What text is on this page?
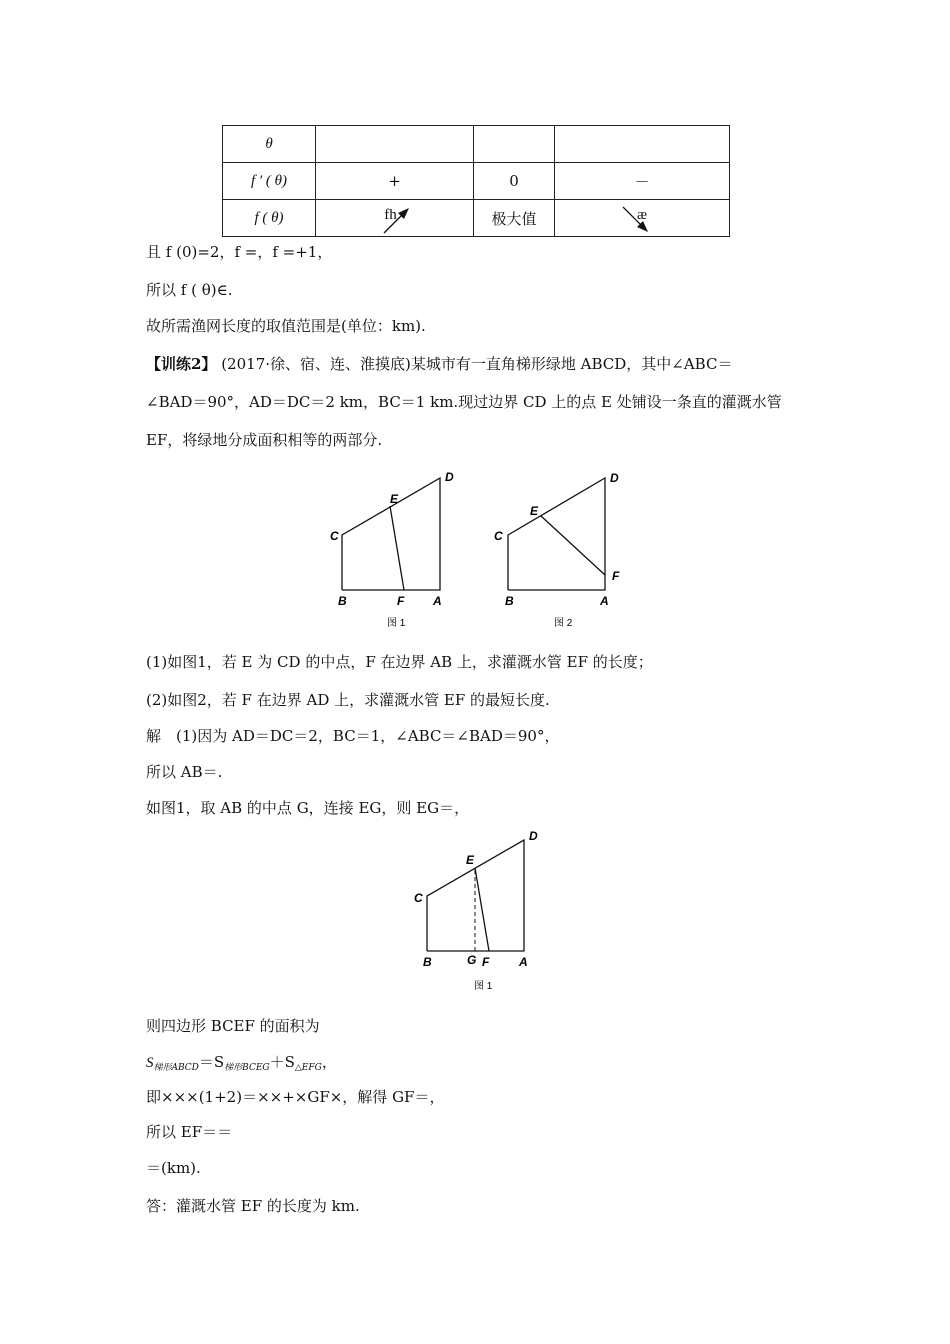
θ			
f ′ ( θ)	+	0	－
f ( θ)	fh	极大值	æ
且 f (0)=2，f =，f =+1，
所以 f ( θ)∈.
故所需渔网长度的取值范围是(单位：km).
【训练2】 (2017·徐、宿、连、淮摸底)某城市有一直角梯形绿地 ABCD，其中∠ABC＝
∠BAD＝90°，AD＝DC＝2 km，BC＝1 km.现过边界 CD 上的点 E 处铺设一条直的灌溉水管
EF，将绿地分成面积相等的两部分.
E
D
C
B	F A
图 1
E
D
C
B
F
A
图 2
(1)如图1，若 E 为 CD 的中点，F 在边界 AB 上，求灌溉水管 EF 的长度；
(2)如图2，若 F 在边界 AD 上，求灌溉水管 EF 的最短长度.
解　(1)因为 AD＝DC＝2，BC＝1，∠ABC＝∠BAD＝90°，
所以 AB＝.
如图1，取 AB 的中点 G，连接 EG，则 EG＝，
E
D
C
B	G F A
图 1
则四边形 BCEF 的面积为
$S_{梯形ABCD}=S_{梯形BCEG}+S_{\triangle EFG}$，
即×××(1+2)＝××+×GF×，解得 GF＝，
所以 EF＝＝
＝(km).
答：灌溉水管 EF 的长度为 km.
